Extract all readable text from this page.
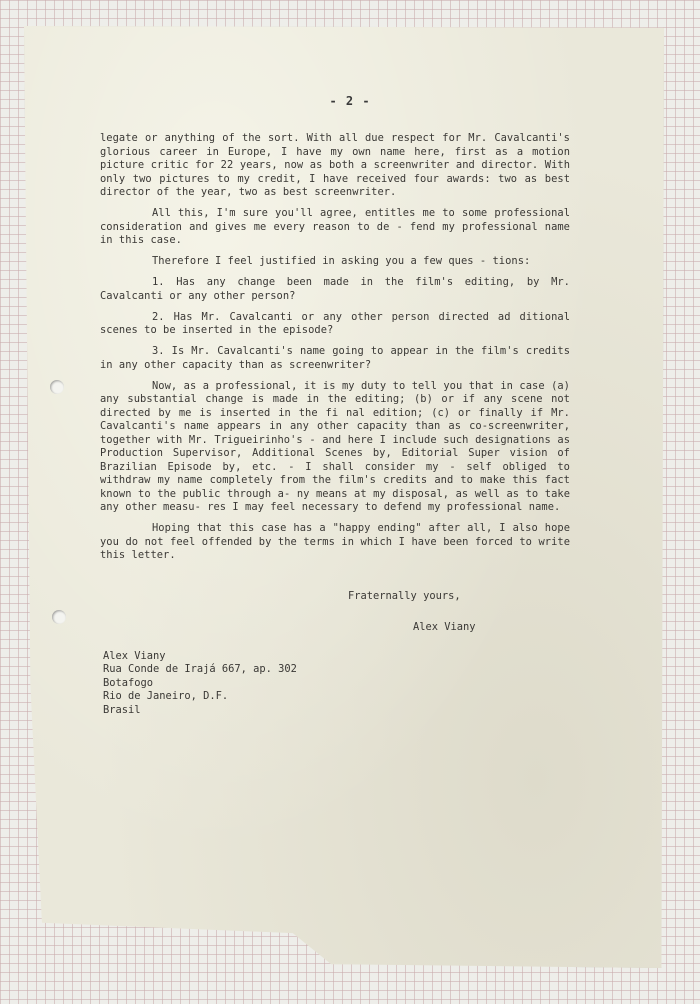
- 2 -

legate or anything of the sort. With all due respect for Mr. Cavalcanti's glorious career in Europe, I have my own name here, first as a motion picture critic for 22 years, now as both a screenwriter and director. With only two pictures to my credit, I have received four awards: two as best director of the year, two as best screenwriter.

All this, I'm sure you'll agree, entitles me to some professional consideration and gives me every reason to de - fend my professional name in this case.

Therefore I feel justified in asking you a few ques - tions:

1. Has any change been made in the film's editing, by Mr. Cavalcanti or any other person?

2. Has Mr. Cavalcanti or any other person directed ad ditional scenes to be inserted in the episode?

3. Is Mr. Cavalcanti's name going to appear in the film's credits in any other capacity than as screenwriter?

Now, as a professional, it is my duty to tell you that in case (a) any substantial change is made in the editing; (b) or if any scene not directed by me is inserted in the fi nal edition; (c) or finally if Mr. Cavalcanti's name appears in any other capacity than as co-screenwriter, together with Mr. Trigueirinho's - and here I include such designations as Production Supervisor, Additional Scenes by, Editorial Super vision of Brazilian Episode by, etc. - I shall consider my - self obliged to withdraw my name completely from the film's credits and to make this fact known to the public through a- ny means at my disposal, as well as to take any other measu- res I may feel necessary to defend my professional name.

Hoping that this case has a "happy ending" after all, I also hope you do not feel offended by the terms in which I have been forced to write this letter.

Fraternally yours,
Alex Viany
Alex Viany
Rua Conde de Irajá 667, ap. 302
Botafogo
Rio de Janeiro, D.F.
Brasil
